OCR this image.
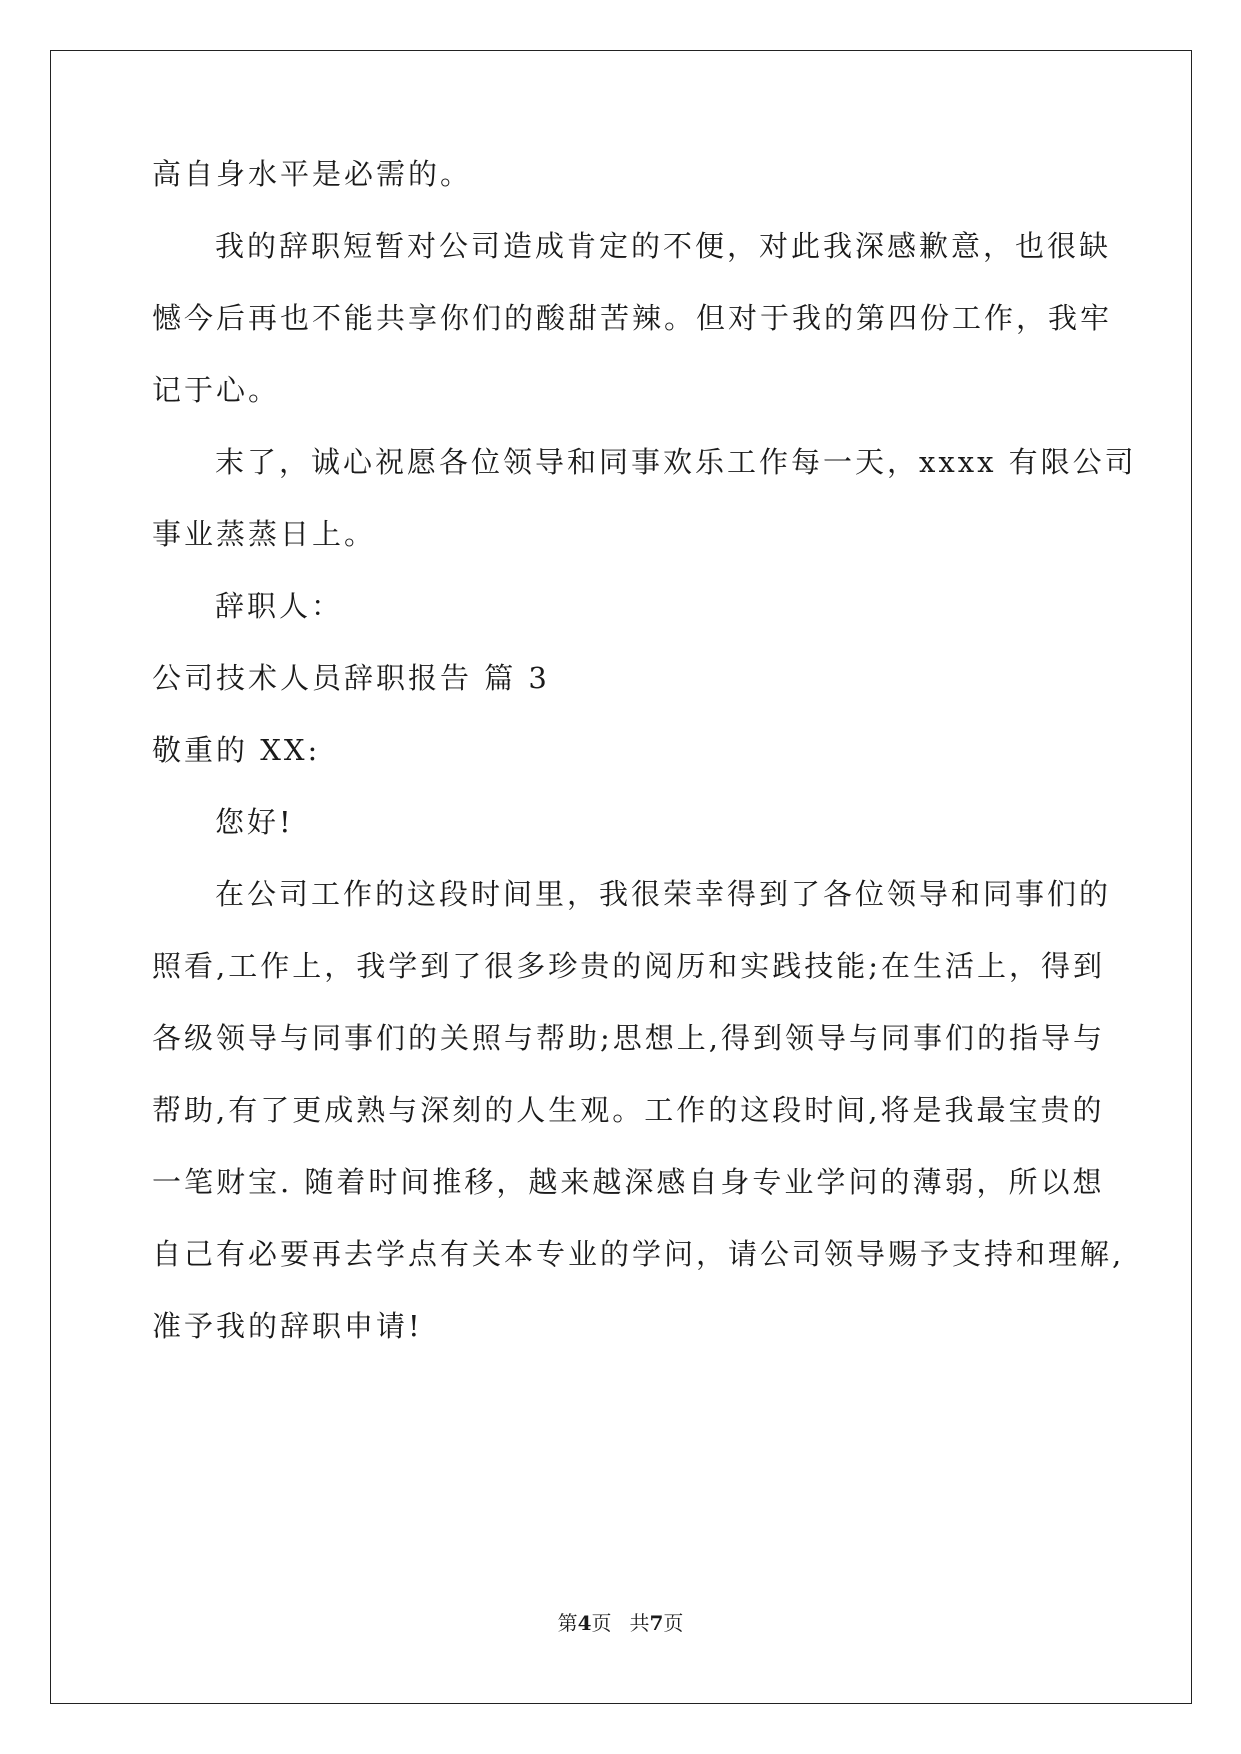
高自身水平是必需的。
我的辞职短暂对公司造成肯定的不便，对此我深感歉意，也很缺
憾今后再也不能共享你们的酸甜苦辣。但对于我的第四份工作，我牢
记于心。
末了，诚心祝愿各位领导和同事欢乐工作每一天，xxxx 有限公司
事业蒸蒸日上。
辞职人：
公司技术人员辞职报告 篇 3
敬重的 XX:
您好!
在公司工作的这段时间里，我很荣幸得到了各位领导和同事们的
照看,工作上，我学到了很多珍贵的阅历和实践技能;在生活上，得到
各级领导与同事们的关照与帮助;思想上,得到领导与同事们的指导与
帮助,有了更成熟与深刻的人生观。工作的这段时间,将是我最宝贵的
一笔财宝. 随着时间推移，越来越深感自身专业学问的薄弱，所以想
自己有必要再去学点有关本专业的学问，请公司领导赐予支持和理解,
准予我的辞职申请!
第4页 共7页
